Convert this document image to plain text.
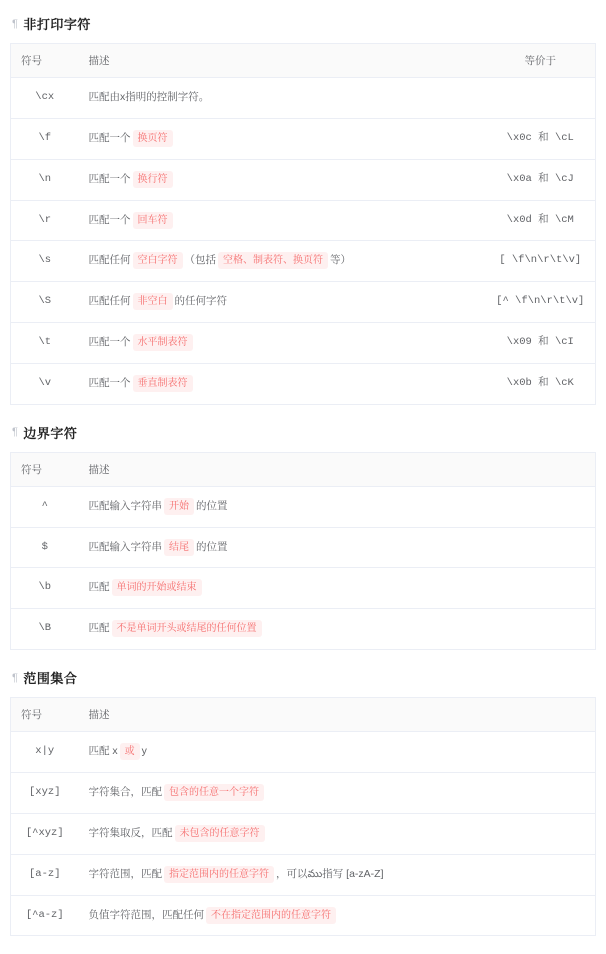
¶ 非打印字符
符号	描述	等价于
\cx	匹配由x指明的控制字符。	
\f	匹配一个 换页符	\x0c 和 \cL
\n	匹配一个 换行符	\x0a 和 \cJ
\r	匹配一个 回车符	\x0d 和 \cM
\s	匹配任何 空白字符 （包括 空格、制表符、换页符 等）	[ \f\n\r\t\v]
\S	匹配任何 非空白 的任何字符	[^ \f\n\r\t\v]
\t	匹配一个 水平制表符	\x09 和 \cI
\v	匹配一个 垂直制表符	\x0b 和 \cK
¶ 边界字符
符号	描述
^	匹配输入字符串 开始 的位置
$	匹配输入字符串 结尾 的位置
\b	匹配 单词的开始或结束
\B	匹配 不是单词开头或结尾的任何位置
¶ 范围集合
符号	描述
x|y	匹配 x 或 y
[xyz]	字符集合，匹配 包含的任意一个字符
[^xyz]	字符集取反，匹配 未包含的任意字符
[a-z]	字符范围，匹配 指定范围内的任意字符 ，可以ము指写 [a-zA-Z]
[^a-z]	负值字符范围，匹配任何 不在指定范围内的任意字符
